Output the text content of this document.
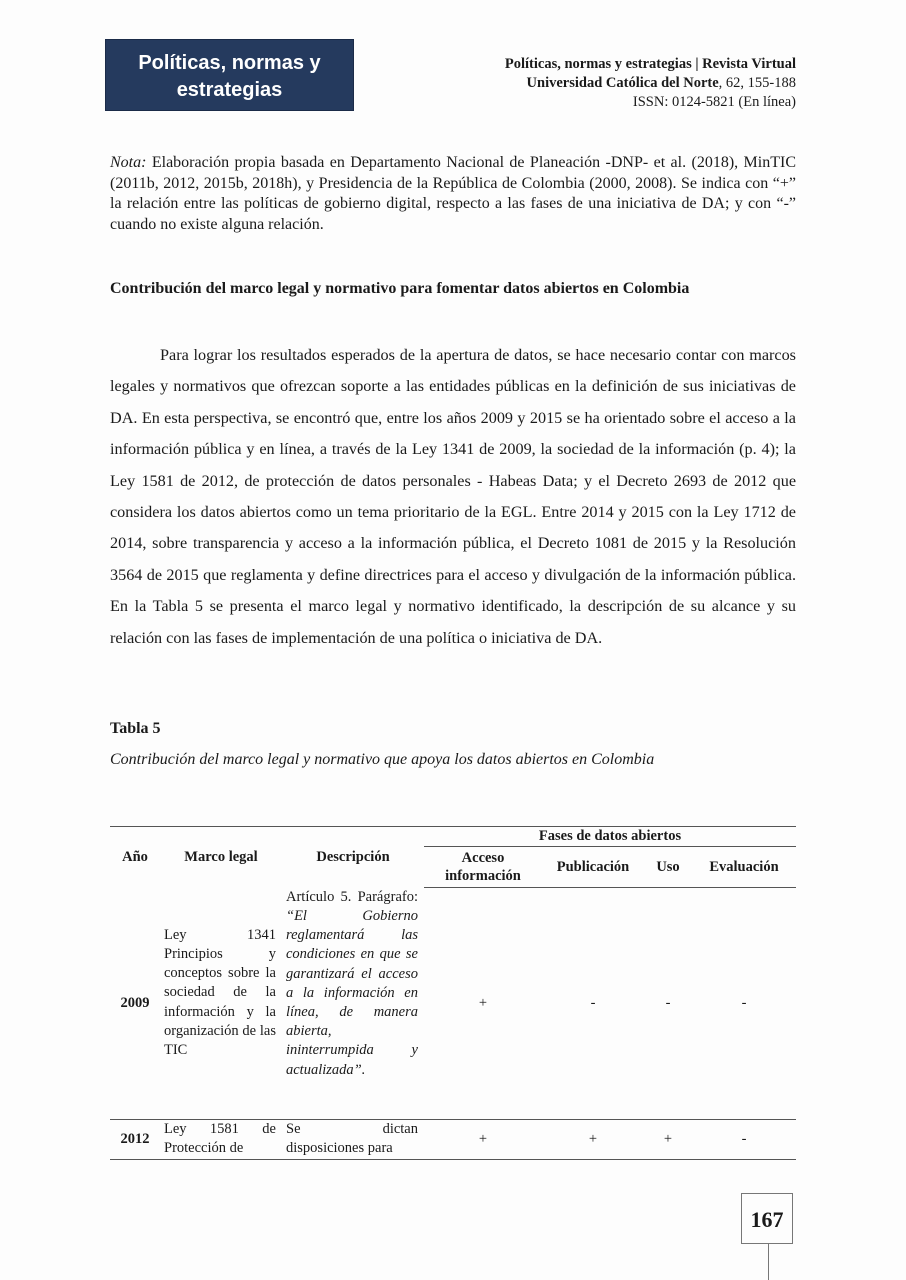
Políticas, normas y
estrategias
Políticas, normas y estrategias | Revista Virtual
Universidad Católica del Norte, 62, 155-188
ISSN: 0124-5821 (En línea)
Nota: Elaboración propia basada en Departamento Nacional de Planeación -DNP- et al. (2018), MinTIC (2011b, 2012, 2015b, 2018h), y Presidencia de la República de Colombia (2000, 2008). Se indica con “+” la relación entre las políticas de gobierno digital, respecto a las fases de una iniciativa de DA; y con “-” cuando no existe alguna relación.
Contribución del marco legal y normativo para fomentar datos abiertos en Colombia

Para lograr los resultados esperados de la apertura de datos, se hace necesario contar con marcos legales y normativos que ofrezcan soporte a las entidades públicas en la definición de sus iniciativas de DA. En esta perspectiva, se encontró que, entre los años 2009 y 2015 se ha orientado sobre el acceso a la información pública y en línea, a través de la Ley 1341 de 2009, la sociedad de la información (p. 4); la Ley 1581 de 2012, de protección de datos personales - Habeas Data; y el Decreto 2693 de 2012 que considera los datos abiertos como un tema prioritario de la EGL. Entre 2014 y 2015 con la Ley 1712 de 2014, sobre transparencia y acceso a la información pública, el Decreto 1081 de 2015 y la Resolución 3564 de 2015 que reglamenta y define directrices para el acceso y divulgación de la información pública. En la Tabla 5 se presenta el marco legal y normativo identificado, la descripción de su alcance y su relación con las fases de implementación de una política o iniciativa de DA.

Tabla 5
Contribución del marco legal y normativo que apoya los datos abiertos en Colombia
Año	Marco legal	Descripción	Fases de datos abiertos			
			Acceso información	Publicación	Uso	Evaluación
2009	Ley 1341 Principios y conceptos sobre la sociedad de la información y la organización de las TIC	Artículo 5. Parágrafo: “El Gobierno reglamentará las condiciones en que se garantizará el acceso a la información en línea, de manera abierta, ininterrumpida y actualizada”.	+	-	-	-
2012	Ley 1581 de Protección de	Se dictan disposiciones para	+	+	+	-
167
